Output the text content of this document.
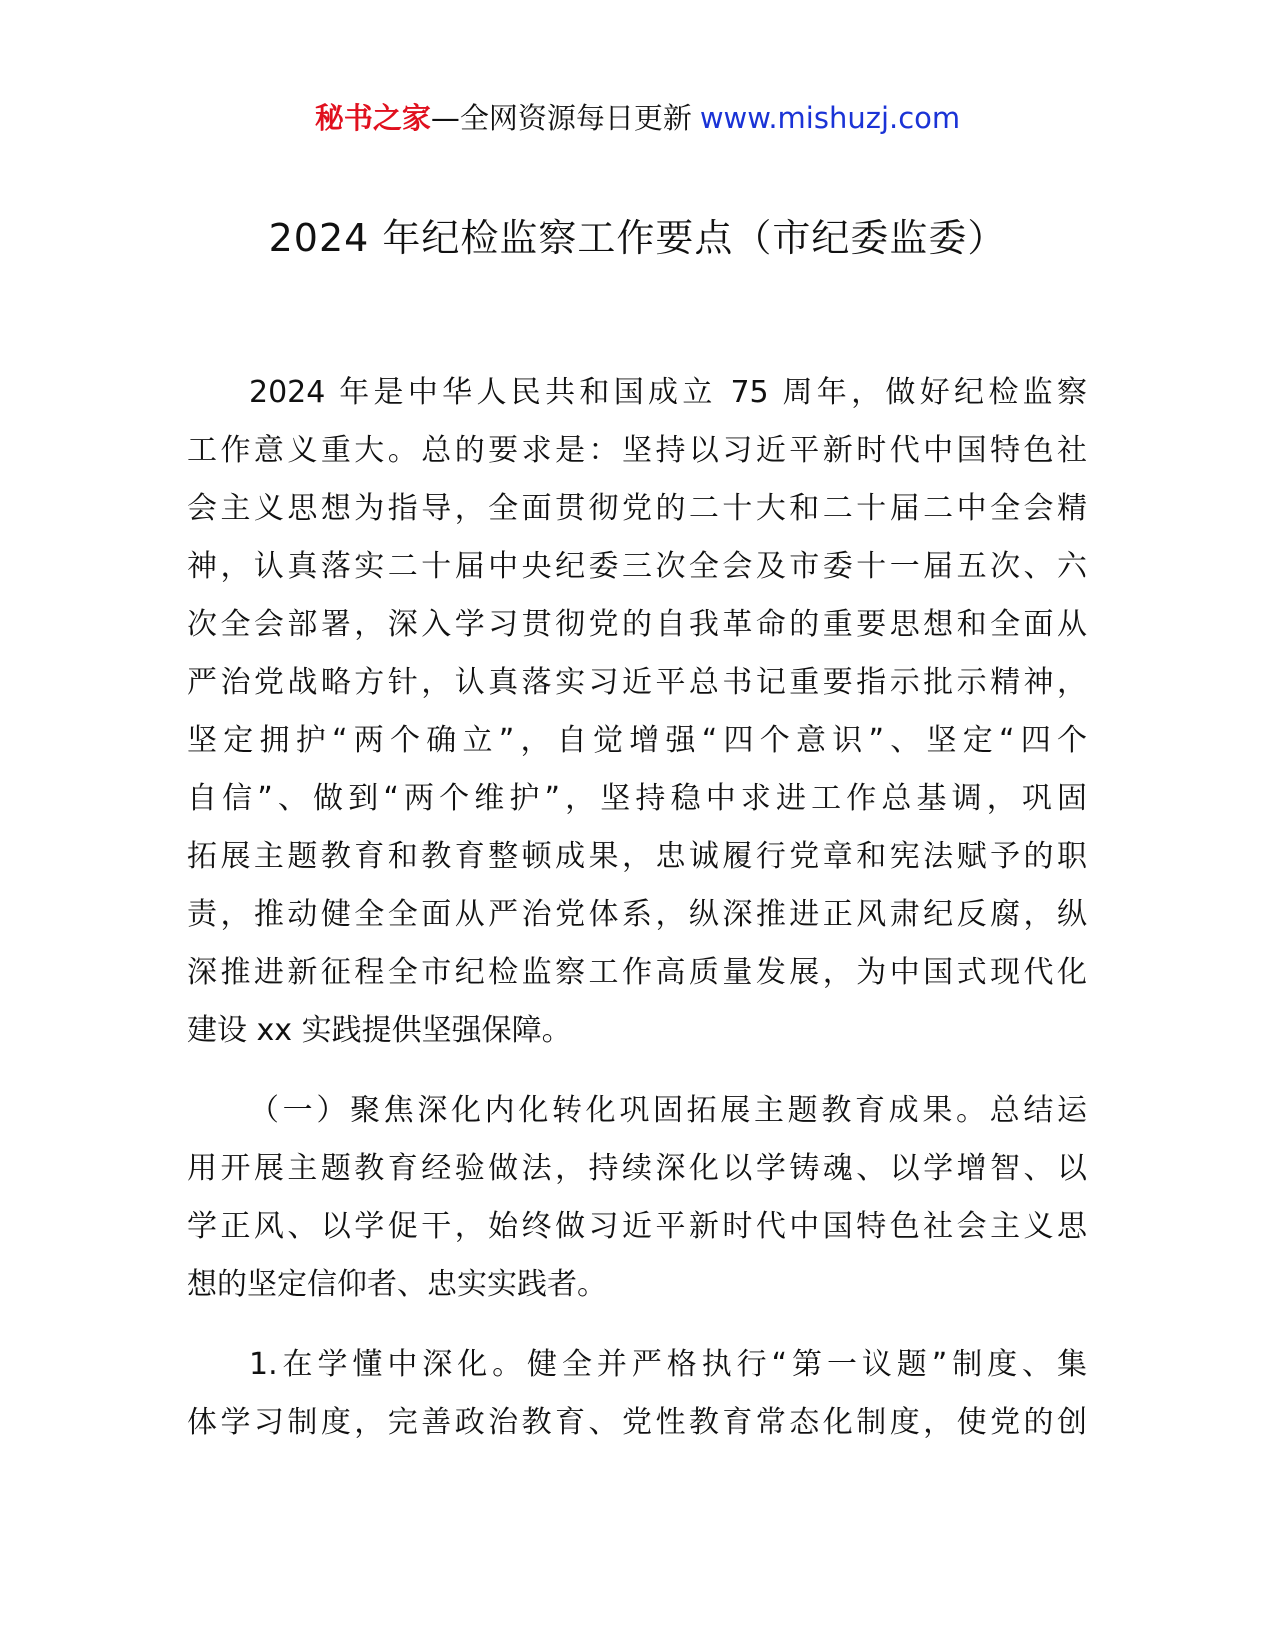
秘书之家—全网资源每日更新 www.mishuzj.com
2024 年纪检监察工作要点（市纪委监委）
2024 年是中华人民共和国成立 75 周年，做好纪检监察
工作意义重大。总的要求是：坚持以习近平新时代中国特色社
会主义思想为指导，全面贯彻党的二十大和二十届二中全会精
神，认真落实二十届中央纪委三次全会及市委十一届五次、六
次全会部署，深入学习贯彻党的自我革命的重要思想和全面从
严治党战略方针，认真落实习近平总书记重要指示批示精神，
坚定拥护“两个确立”，自觉增强“四个意识”、坚定“四个
自信”、做到“两个维护”，坚持稳中求进工作总基调，巩固
拓展主题教育和教育整顿成果，忠诚履行党章和宪法赋予的职
责，推动健全全面从严治党体系，纵深推进正风肃纪反腐，纵
深推进新征程全市纪检监察工作高质量发展，为中国式现代化
建设 xx 实践提供坚强保障。
（一）聚焦深化内化转化巩固拓展主题教育成果。总结运
用开展主题教育经验做法，持续深化以学铸魂、以学增智、以
学正风、以学促干，始终做习近平新时代中国特色社会主义思
想的坚定信仰者、忠实实践者。
1.在学懂中深化。健全并严格执行“第一议题”制度、集
体学习制度，完善政治教育、党性教育常态化制度，使党的创
